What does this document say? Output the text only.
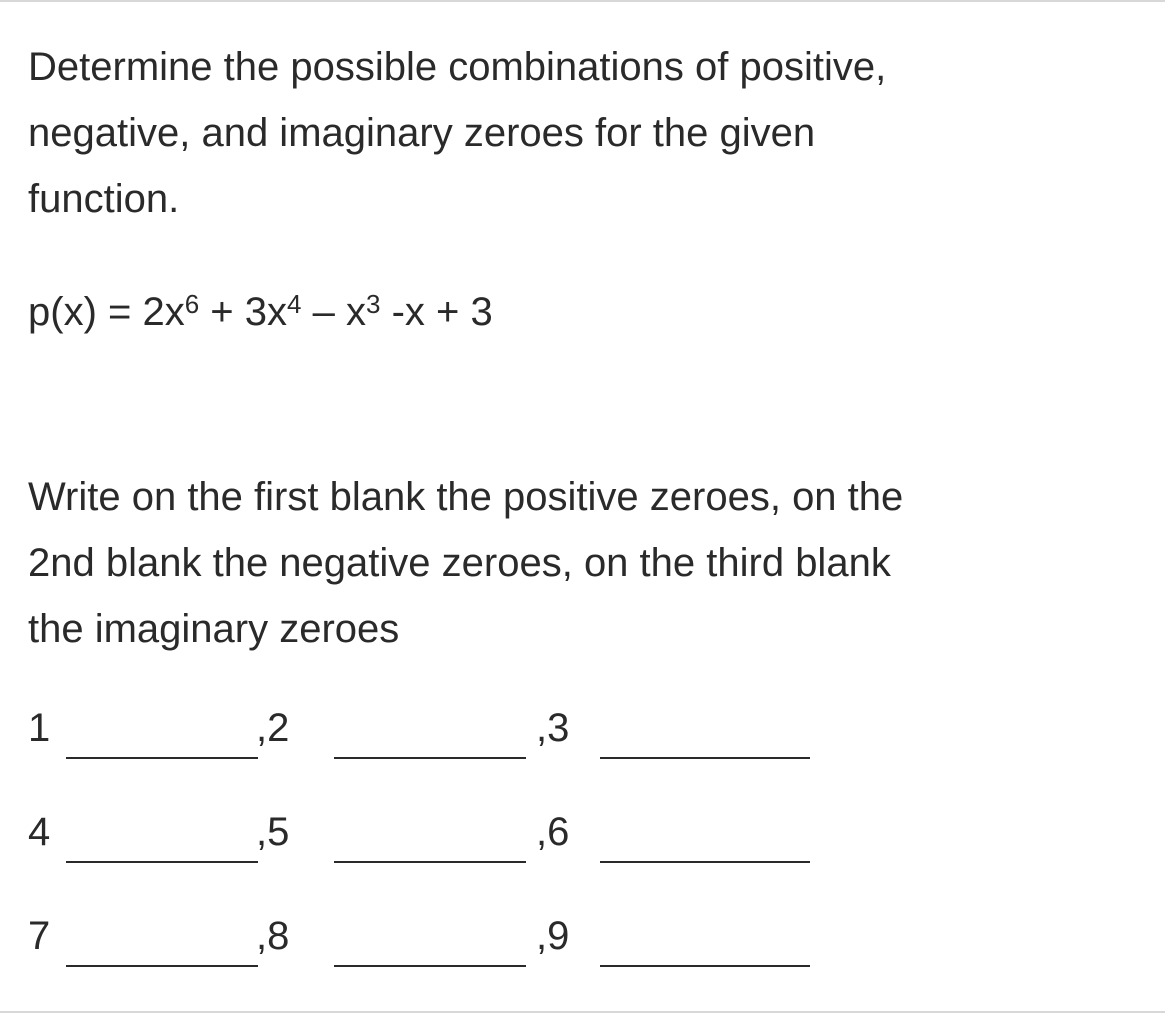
Determine the possible combinations of positive,
negative, and imaginary zeroes for the given
function.

$p(x) = 2x^6 + 3x^4 - x^3$ -x + 3

Write on the first blank the positive zeroes, on the
2nd blank the negative zeroes, on the third blank
the imaginary zeroes

1	,2	,3
4	,5	,6
7	,8	,9
